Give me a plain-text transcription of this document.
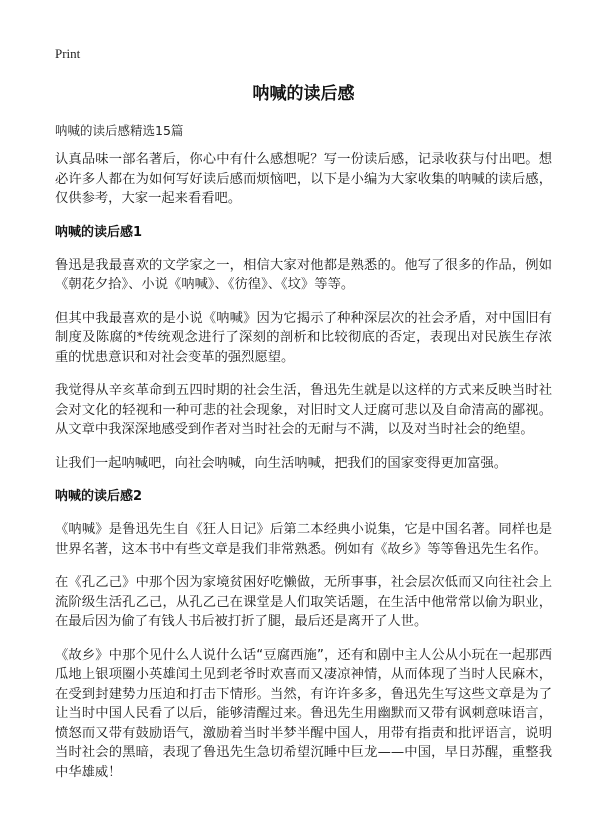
Print
呐喊的读后感
呐喊的读后感精选15篇

认真品味一部名著后，你心中有什么感想呢？写一份读后感，记录收获与付出吧。想必许多人都在为如何写好读后感而烦恼吧，以下是小编为大家收集的呐喊的读后感，仅供参考，大家一起来看看吧。

呐喊的读后感1

鲁迅是我最喜欢的文学家之一，相信大家对他都是熟悉的。他写了很多的作品，例如《朝花夕拾》、小说《呐喊》、《彷徨》、《坟》等等。

但其中我最喜欢的是小说《呐喊》因为它揭示了种种深层次的社会矛盾，对中国旧有制度及陈腐的*传统观念进行了深刻的剖析和比较彻底的否定，表现出对民族生存浓重的忧患意识和对社会变革的强烈愿望。

我觉得从辛亥革命到五四时期的社会生活，鲁迅先生就是以这样的方式来反映当时社会对文化的轻视和一种可悲的社会现象，对旧时文人迂腐可悲以及自命清高的鄙视。从文章中我深深地感受到作者对当时社会的无耐与不满，以及对当时社会的绝望。

让我们一起呐喊吧，向社会呐喊，向生活呐喊，把我们的国家变得更加富强。

呐喊的读后感2

《呐喊》是鲁迅先生自《狂人日记》后第二本经典小说集，它是中国名著。同样也是世界名著，这本书中有些文章是我们非常熟悉。例如有《故乡》等等鲁迅先生名作。

在《孔乙己》中那个因为家境贫困好吃懒做，无所事事，社会层次低而又向往社会上流阶级生活孔乙己，从孔乙己在课堂是人们取笑话题，在生活中他常常以偷为职业，在最后因为偷了有钱人书后被打折了腿，最后还是离开了人世。

《故乡》中那个见什么人说什么话“豆腐西施”，还有和剧中主人公从小玩在一起那西瓜地上银项圈小英雄闰土见到老爷时欢喜而又凄凉神情，从而体现了当时人民麻木，在受到封建势力压迫和打击下情形。当然，有许许多多，鲁迅先生写这些文章是为了让当时中国人民看了以后，能够清醒过来。鲁迅先生用幽默而又带有讽刺意味语言，愤怒而又带有鼓励语气，激励着当时半梦半醒中国人，用带有指责和批评语言，说明当时社会的黑暗，表现了鲁迅先生急切希望沉睡中巨龙——中国，早日苏醒，重整我中华雄威！
